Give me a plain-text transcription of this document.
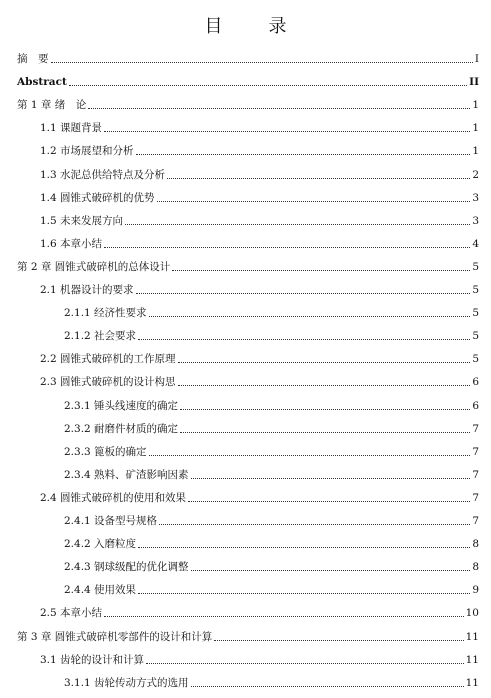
目　录
摘　要	I
Abstract	II
第 1 章 绪　论	1
1.1 课题背景	1
1.2 市场展望和分析	1
1.3 水泥总供给特点及分析	2
1.4 圆锥式破碎机的优势	3
1.5 未来发展方向	3
1.6 本章小结	4
第 2 章 圆锥式破碎机的总体设计	5
2.1 机器设计的要求	5
2.1.1 经济性要求	5
2.1.2 社会要求	5
2.2 圆锥式破碎机的工作原理	5
2.3 圆锥式破碎机的设计构思	6
2.3.1 锤头线速度的确定	6
2.3.2 耐磨件材质的确定	7
2.3.3 篦板的确定	7
2.3.4 熟料、矿渣影响因素	7
2.4 圆锥式破碎机的使用和效果	7
2.4.1 设备型号规格	7
2.4.2 入磨粒度	8
2.4.3 钢球级配的优化调整	8
2.4.4 使用效果	9
2.5 本章小结	10
第 3 章 圆锥式破碎机零部件的设计和计算	11
3.1 齿轮的设计和计算	11
3.1.1 齿轮传动方式的选用	11
